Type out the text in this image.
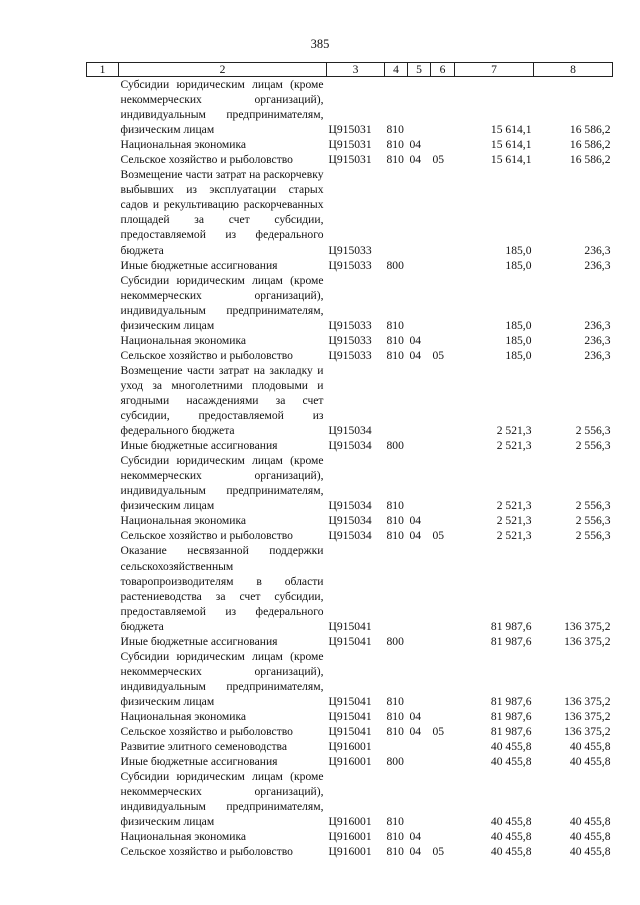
385
1	2	3	4	5	6	7	8
	Субсидии юридическим лицам (кроме некоммерческих организаций), индивидуальным предпринимателям, физическим лицам	Ц915031	810			15 614,1	16 586,2
	Национальная экономика	Ц915031	810	04		15 614,1	16 586,2
	Сельское хозяйство и рыболовство	Ц915031	810	04	05	15 614,1	16 586,2
	Возмещение части затрат на раскорчевку выбывших из эксплуатации старых садов и рекультивацию раскорчеванных площадей за счет субсидии, предоставляемой из федерального бюджета	Ц915033				185,0	236,3
	Иные бюджетные ассигнования	Ц915033	800			185,0	236,3
	Субсидии юридическим лицам (кроме некоммерческих организаций), индивидуальным предпринимателям, физическим лицам	Ц915033	810			185,0	236,3
	Национальная экономика	Ц915033	810	04		185,0	236,3
	Сельское хозяйство и рыболовство	Ц915033	810	04	05	185,0	236,3
	Возмещение части затрат на закладку и уход за многолетними плодовыми и ягодными насаждениями за счет субсидии, предоставляемой из федерального бюджета	Ц915034				2 521,3	2 556,3
	Иные бюджетные ассигнования	Ц915034	800			2 521,3	2 556,3
	Субсидии юридическим лицам (кроме некоммерческих организаций), индивидуальным предпринимателям, физическим лицам	Ц915034	810			2 521,3	2 556,3
	Национальная экономика	Ц915034	810	04		2 521,3	2 556,3
	Сельское хозяйство и рыболовство	Ц915034	810	04	05	2 521,3	2 556,3
	Оказание несвязанной поддержки сельскохозяйственным товаропроизводителям в области растениеводства за счет субсидии, предоставляемой из федерального бюджета	Ц915041				81 987,6	136 375,2
	Иные бюджетные ассигнования	Ц915041	800			81 987,6	136 375,2
	Субсидии юридическим лицам (кроме некоммерческих организаций), индивидуальным предпринимателям, физическим лицам	Ц915041	810			81 987,6	136 375,2
	Национальная экономика	Ц915041	810	04		81 987,6	136 375,2
	Сельское хозяйство и рыболовство	Ц915041	810	04	05	81 987,6	136 375,2
	Развитие элитного семеноводства	Ц916001				40 455,8	40 455,8
	Иные бюджетные ассигнования	Ц916001	800			40 455,8	40 455,8
	Субсидии юридическим лицам (кроме некоммерческих организаций), индивидуальным предпринимателям, физическим лицам	Ц916001	810			40 455,8	40 455,8
	Национальная экономика	Ц916001	810	04		40 455,8	40 455,8
	Сельское хозяйство и рыболовство	Ц916001	810	04	05	40 455,8	40 455,8
